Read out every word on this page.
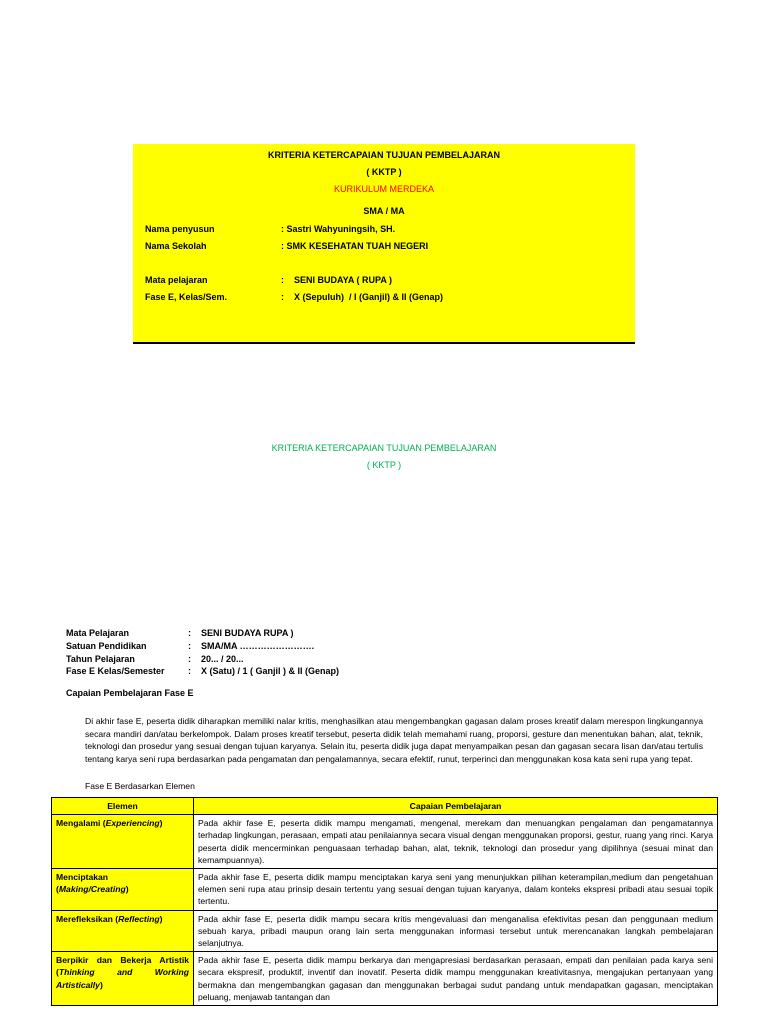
KRITERIA KETERCAPAIAN TUJUAN PEMBELAJARAN
( KKTP )
KURIKULUM MERDEKA
SMA / MA
Nama penyusun	: Sastri Wahyuningsih, SH.
Nama Sekolah	: SMK KESEHATAN TUAH NEGERI
Mata pelajaran	:    SENI BUDAYA ( RUPA )
Fase E, Kelas/Sem.	:    X (Sepuluh)  / I (Ganjil) & II (Genap)
KRITERIA KETERCAPAIAN TUJUAN PEMBELAJARAN
( KKTP )
Mata Pelajaran	: SENI BUDAYA RUPA )
Satuan Pendidikan	: SMA/MA …………………….
Tahun Pelajaran	: 20... / 20...
Fase E Kelas/Semester	: X (Satu) / 1 ( Ganjil ) & II (Genap)
Capaian Pembelajaran Fase E
Di akhir fase E, peserta didik diharapkan memiliki nalar kritis, menghasilkan atau mengembangkan gagasan dalam proses kreatif dalam merespon lingkungannya secara mandiri dan/atau berkelompok. Dalam proses kreatif tersebut, peserta didik telah memahami ruang, proporsi, gesture dan menentukan bahan, alat, teknik, teknologi dan prosedur yang sesuai dengan tujuan karyanya. Selain itu, peserta didik juga dapat menyampaikan pesan dan gagasan secara lisan dan/atau tertulis tentang karya seni rupa berdasarkan pada pengamatan dan pengalamannya, secara efektif, runut, terperinci dan menggunakan kosa kata seni rupa yang tepat.
Fase E Berdasarkan Elemen
Elemen	Capaian Pembelajaran
Mengalami (Experiencing)	Pada akhir fase E, peserta didik mampu mengamati, mengenal, merekam dan menuangkan pengalaman dan pengamatannya terhadap lingkungan, perasaan, empati atau penilaiannya secara visual dengan menggunakan proporsi, gestur, ruang yang rinci. Karya peserta didik mencerminkan penguasaan terhadap bahan, alat, teknik, teknologi dan prosedur yang dipilihnya (sesuai minat dan kemampuannya).
Menciptakan
(Making/Creating)	Pada akhir fase E, peserta didik mampu menciptakan karya seni yang menunjukkan pilihan keterampilan,medium dan pengetahuan elemen seni rupa atau prinsip desain tertentu yang sesuai dengan tujuan karyanya, dalam konteks ekspresi pribadi atau sesuai topik tertentu.
Merefleksikan (Reflecting)	Pada akhir fase E, peserta didik mampu secara kritis mengevaluasi dan menganalisa efektivitas pesan dan penggunaan medium sebuah karya, pribadi maupun orang lain serta menggunakan informasi tersebut untuk merencanakan langkah pembelajaran selanjutnya.
Berpikir dan Bekerja Artistik (Thinking and Working Artistically)	Pada akhir fase E, peserta didik mampu berkarya dan mengapresiasi berdasarkan perasaan, empati dan penilaian pada karya seni secara ekspresif, produktif, inventif dan inovatif. Peserta didik mampu menggunakan kreativitasnya, mengajukan pertanyaan yang bermakna dan mengembangkan gagasan dan menggunakan berbagai sudut pandang untuk mendapatkan gagasan, menciptakan peluang, menjawab tantangan dan
